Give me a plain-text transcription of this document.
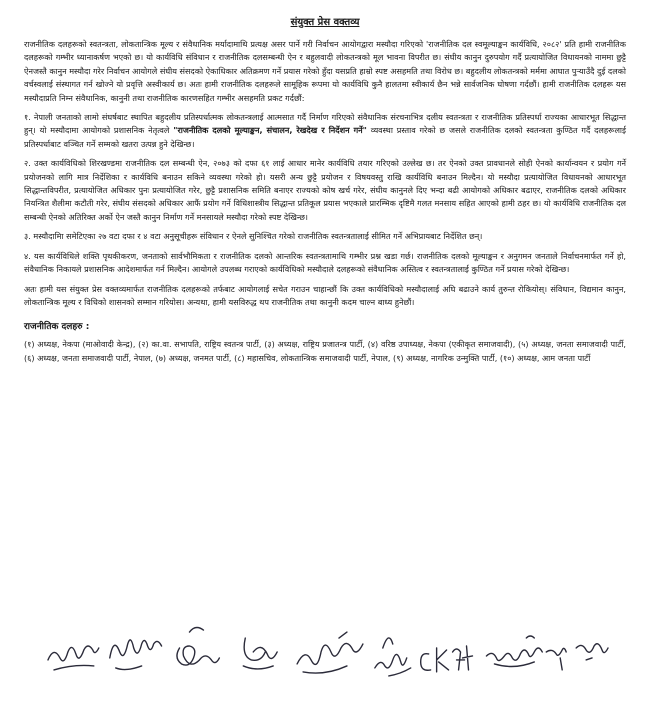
संयुक्त प्रेस वक्तव्य

राजनीतिक दलहरूको स्वतन्त्रता, लोकतान्त्रिक मूल्य र संवैधानिक मर्यादामाथि प्रत्यक्ष असर पार्ने गरी निर्वाचन आयोगद्वारा मस्यौदा गरिएको 'राजनीतिक दल स्वमूल्याङ्कन कार्यविधि, २०८२' प्रति हामी राजनीतिक दलहरूको गम्भीर ध्यानाकर्षण भएको छ। यो कार्यविधि संविधान र राजनीतिक दलसम्बन्धी ऐन र बहुलवादी लोकतन्त्रको मूल भावना विपरीत छ। संघीय कानुन दुरुपयोग गर्दै प्रत्यायोजित विधायनको नाममा छुट्टै ऐनजस्तै कानुन मस्यौदा गरेर निर्वाचन आयोगले संघीय संसदको ऐकाधिकार अतिक्रमण गर्ने प्रयास गरेको हुँदा यसप्रति हाम्रो स्पष्ट असहमति तथा विरोध छ। बहुदलीय लोकतन्त्रको मर्ममा आघात पुऱ्याउँदै दुई दलको वर्चस्वलाई संस्थागत गर्न खोज्ने यो प्रवृत्ति अस्वीकार्य छ। अतः हामी राजनीतिक दलहरूले सामूहिक रूपमा यो कार्यविधि कुनै हालतमा स्वीकार्य छैन भन्ने सार्वजनिक घोषणा गर्दछौं। हामी राजनीतिक दलहरू यस मस्यौदाप्रति निम्न संवैधानिक, कानुनी तथा राजनीतिक कारणसहित गम्भीर असहमति प्रकट गर्दछौं:

१. नेपाली जनताको लामो संघर्षबाट स्थापित बहुदलीय प्रतिस्पर्धात्मक लोकतन्त्रलाई आत्मसात गर्दै निर्माण गरिएको संवैधानिक संरचनाभित्र दलीय स्वतन्त्रता र राजनीतिक प्रतिस्पर्धा राज्यका आधारभूत सिद्धान्त हुन्। यो मस्यौदामा आयोगको प्रशासनिक नेतृत्वले "राजनीतिक दलको मूल्याङ्कन, संचालन, रेखदेख र निर्देशन गर्ने" व्यवस्था प्रस्ताव गरेको छ जसले राजनीतिक दलको स्वतन्त्रता कुण्ठित गर्दै दलहरूलाई प्रतिस्पर्धाबाट वञ्चित गर्ने सम्मको खतरा उत्पन्न हुने देखिन्छ।

२. उक्त कार्यविधिको शिरखण्डमा राजनीतिक दल सम्बन्धी ऐन, २०७३ को दफा ६१ लाई आधार मानेर कार्यविधि तयार गरिएको उल्लेख छ। तर ऐनको उक्त प्रावधानले सोही ऐनको कार्यान्वयन र प्रयोग गर्ने प्रयोजनको लागि मात्र निर्देशिका र कार्यविधि बनाउन सकिने व्यवस्था गरेको हो। यसरी अन्य छुट्टै प्रयोजन र विषयवस्तु राखि कार्यविधि बनाउन मिल्दैन। यो मस्यौदा प्रत्यायोजित विधायनको आधारभूत सिद्धान्तविपरीत, प्रत्यायोजित अधिकार पुनः प्रत्यायोजित गरेर, छुट्टै प्रशासनिक समिति बनाएर राज्यको कोष खर्च गरेर, संघीय कानुनले दिए भन्दा बढी आयोगको अधिकार बढाएर, राजनीतिक दलको अधिकार नियन्त्रित शैलीमा कटौती गरेर, संघीय संसदको अधिकार आफैं प्रयोग गर्ने विधिशास्त्रीय सिद्धान्त प्रतिकूल प्रयास भएकाले प्रारम्भिक दृष्टिमै गलत मनसाय सहित आएको हामी ठहर छ। यो कार्यविधि राजनीतिक दल सम्बन्धी ऐनको अतिरिक्त अर्को ऐन जस्तै कानुन निर्माण गर्ने मनसायले मस्यौदा गरेको स्पष्ट देखिन्छ।

३. मस्यौदामिा समेटिएका २७ वटा दफा र ४ वटा अनुसूचीहरू संविधान र ऐनले सुनिश्चित गरेको राजनीतिक स्वतन्त्रतालाई सीमित गर्ने अभिप्रायबाट निर्देशित छन्।

४. यस कार्यविधिले शक्ति पृथकीकरण, जनताको सार्वभौमिकता र राजनीतिक दलको आन्तरिक स्वतन्त्रतामाथि गम्भीर प्रश्न खडा गर्छ। राजनीतिक दलको मूल्याङ्कन र अनुगमन जनताले निर्वाचनमार्फत गर्ने हो, संवैधानिक निकायले प्रशासनिक आदेशमार्फत गर्न मिल्दैन। आयोगले उपलब्ध गराएको कार्यविधिको मस्यौदाले दलहरूको संवैधानिक अस्तित्व र स्वतन्त्रतालाई कुण्ठित गर्ने प्रयास गरेको देखिन्छ।

अतः हामी यस संयुक्त प्रेस वक्तव्यमार्फत राजनीतिक दलहरूको तर्फबाट आयोगलाई सचेत गराउन चाहान्छौं कि उक्त कार्यविधिको मस्यौदालाई अघि बढाउने कार्य तुरुन्त रोकियोस्। संविधान, विद्यमान कानुन, लोकतान्त्रिक मूल्य र विधिको शासनको सम्मान गरियोस। अन्यथा, हामी यसविरुद्ध थप राजनीतिक तथा कानुनी कदम चाल्न बाध्य हुनेछौं।

राजनीतिक दलहरु :

(१) अध्यक्ष, नेकपा (माओवादी केन्द्र), (२) का.वा. सभापति, राष्ट्रिय स्वतन्त्र पार्टी, (३) अध्यक्ष, राष्ट्रिय प्रजातन्त्र पार्टी, (४) वरिष्ठ उपाध्यक्ष, नेकपा (एकीकृत समाजवादी), (५) अध्यक्ष, जनता समाजवादी पार्टी, (६) अध्यक्ष, जनता समाजवादी पार्टी, नेपाल, (७) अध्यक्ष, जनमत पार्टी, (८) महासचिव, लोकतान्त्रिक समाजवादी पार्टी, नेपाल, (९) अध्यक्ष, नागरिक उन्मुक्ति पार्टी, (१०) अध्यक्ष, आम जनता पार्टी
